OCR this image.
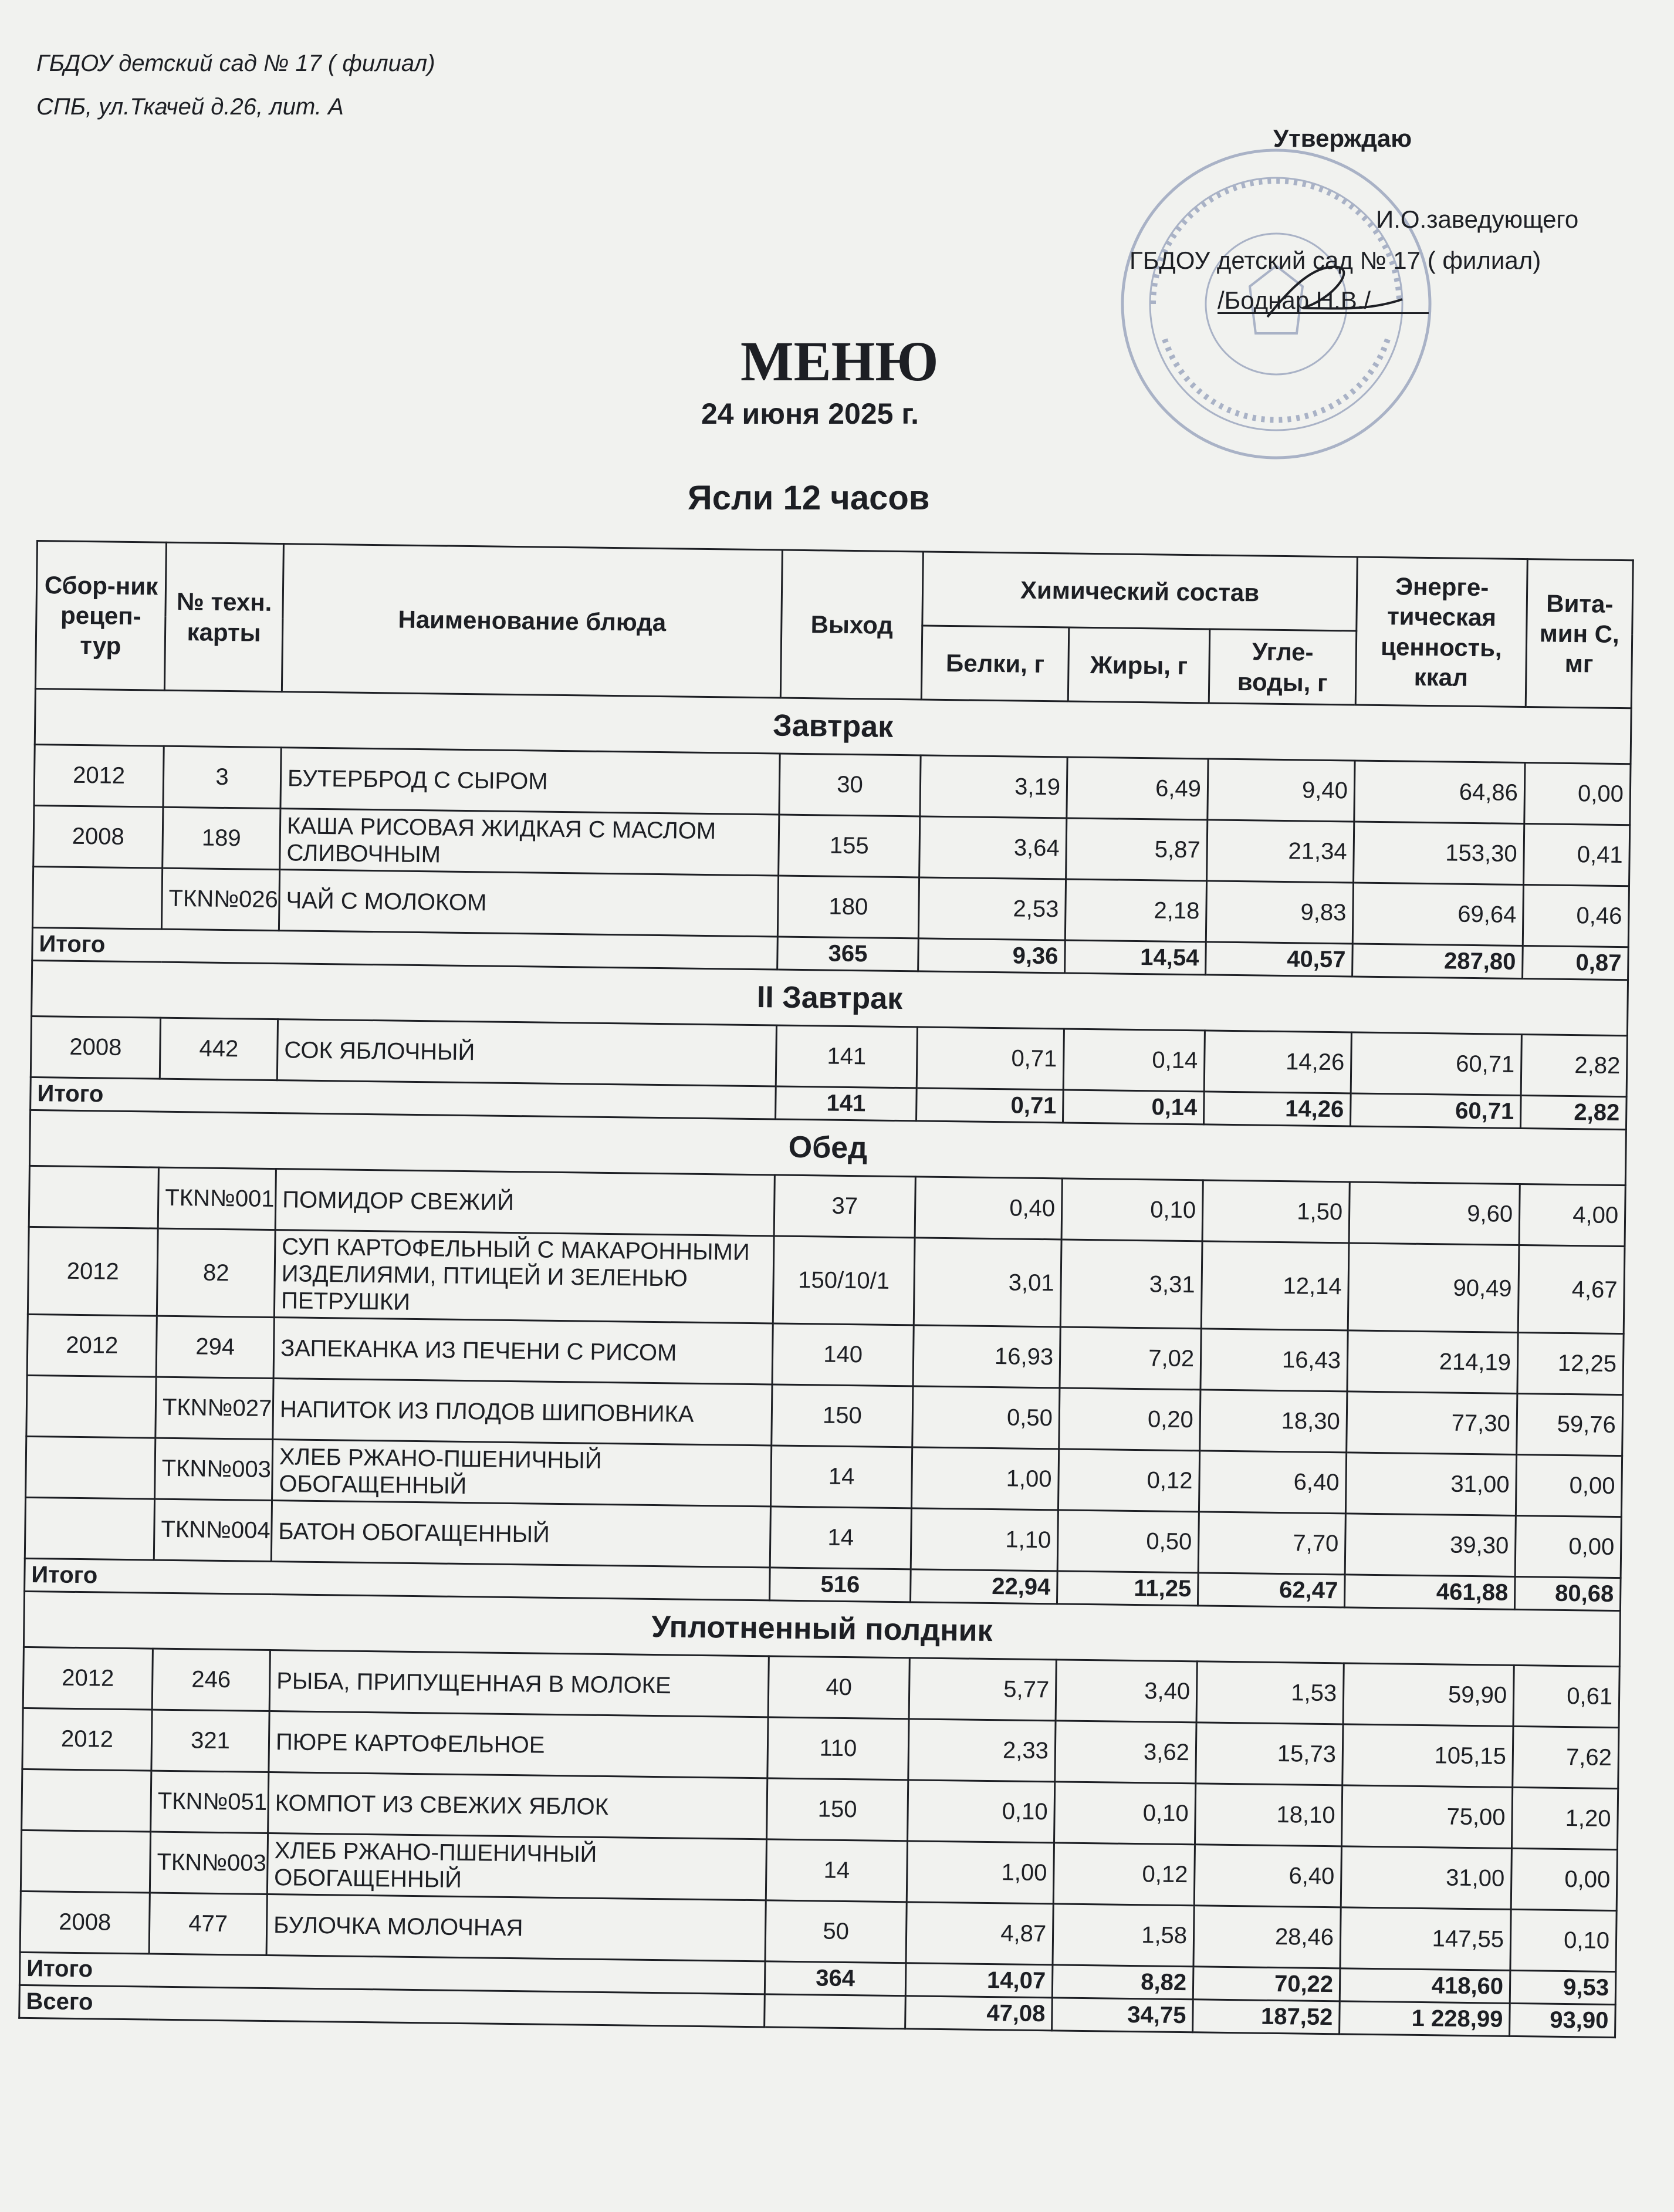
ГБДОУ детский сад № 17 ( филиал)
СПБ, ул.Ткачей д.26, лит. А
Утверждаю
И.О.заведующего
ГБДОУ детский сад № 17 ( филиал)
/Боднар Н.В./
МЕНЮ
24 июня 2025 г.
Ясли 12 часов
Сбор-ник рецеп-тур	№ техн. карты	Наименование блюда	Выход	Химический состав			Энерге-тическая ценность, ккал	Вита-мин С, мг
				Белки, г	Жиры, г	Угле-воды, г		
Завтрак								
2012	3	БУТЕРБРОД С СЫРОМ	30	3,19	6,49	9,40	64,86	0,00
2008	189	КАША РИСОВАЯ ЖИДКАЯ С МАСЛОМ СЛИВОЧНЫМ	155	3,64	5,87	21,34	153,30	0,41
	ТКN№026	ЧАЙ С МОЛОКОМ	180	2,53	2,18	9,83	69,64	0,46
Итого			365	9,36	14,54	40,57	287,80	0,87
II Завтрак								
2008	442	СОК ЯБЛОЧНЫЙ	141	0,71	0,14	14,26	60,71	2,82
Итого			141	0,71	0,14	14,26	60,71	2,82
Обед								
	ТКN№001	ПОМИДОР СВЕЖИЙ	37	0,40	0,10	1,50	9,60	4,00
2012	82	СУП КАРТОФЕЛЬНЫЙ С МАКАРОННЫМИ ИЗДЕЛИЯМИ, ПТИЦЕЙ И ЗЕЛЕНЬЮ ПЕТРУШКИ	150/10/1	3,01	3,31	12,14	90,49	4,67
2012	294	ЗАПЕКАНКА ИЗ ПЕЧЕНИ С РИСОМ	140	16,93	7,02	16,43	214,19	12,25
	ТКN№027	НАПИТОК ИЗ ПЛОДОВ ШИПОВНИКА	150	0,50	0,20	18,30	77,30	59,76
	ТКN№003	ХЛЕБ РЖАНО-ПШЕНИЧНЫЙ ОБОГАЩЕННЫЙ	14	1,00	0,12	6,40	31,00	0,00
	ТКN№004	БАТОН ОБОГАЩЕННЫЙ	14	1,10	0,50	7,70	39,30	0,00
Итого			516	22,94	11,25	62,47	461,88	80,68
Уплотненный полдник								
2012	246	РЫБА, ПРИПУЩЕННАЯ В МОЛОКЕ	40	5,77	3,40	1,53	59,90	0,61
2012	321	ПЮРЕ КАРТОФЕЛЬНОЕ	110	2,33	3,62	15,73	105,15	7,62
	ТКN№051	КОМПОТ ИЗ СВЕЖИХ ЯБЛОК	150	0,10	0,10	18,10	75,00	1,20
	ТКN№003	ХЛЕБ РЖАНО-ПШЕНИЧНЫЙ ОБОГАЩЕННЫЙ	14	1,00	0,12	6,40	31,00	0,00
2008	477	БУЛОЧКА МОЛОЧНАЯ	50	4,87	1,58	28,46	147,55	0,10
Итого			364	14,07	8,82	70,22	418,60	9,53
Всего				47,08	34,75	187,52	1 228,99	93,90
